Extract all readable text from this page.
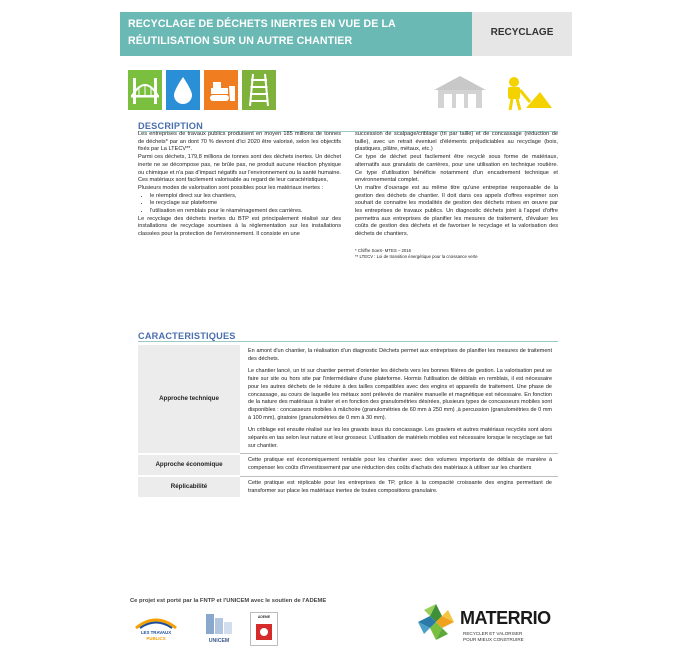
RECYCLAGE DE DÉCHETS INERTES EN VUE DE LA RÉUTILISATION SUR UN AUTRE CHANTIER
RECYCLAGE
DESCRIPTION

Les entreprises de travaux publics produisent en moyen 185 millions de tonnes de déchets* par an dont 70 % devront d'ici 2020 être valorisé, selon les objectifs fixés par La LTECV**.

Parmi ces déchets, 179,8 millions de tonnes sont des déchets inertes. Un déchet inerte ne se décompose pas, ne brûle pas, ne produit aucune réaction physique ou chimique et n'a pas d'impact négatifs sur l'environnement ou la santé humaine. Ces matériaux sont facilement valorisable au regard de leur caractéristiques,

Plusieurs modes de valorisation sont possibles pour les matériaux inertes :

• le réemploi direct sur les chantiers,
• le recyclage sur plateforme
• l'utilisation en remblais pour le réaménagement des carrières.

Le recyclage des déchets inertes du BTP est principalement réalisé sur des installations de recyclage soumises à la réglementation sur les installations classées pour la protection de l'environnement. Il consiste en une

succession de scalpage/criblage (tri par taille) et de concassage (réduction de taille), avec un retrait éventuel d'éléments préjudiciables au recyclage (bois, plastiques, plâtre, métaux, etc.)

Ce type de déchet peut facilement être recyclé sous forme de matériaux, alternatifs aux granulats de carrières, pour une utilisation en technique routière. Ce type d'utilisation bénéficie notamment d'un encadrement technique et environnemental complet.

Un maître d'ouvrage est au même titre qu'une entreprise responsable de la gestion des déchets de chantier. Il doit dans ces appels d'offres exprimer son souhait de connaitre les modalités de gestion des déchets mises en œuvre par les entreprises de travaux publics. Un diagnostic déchets joint à l'appel d'offre permettra aux entreprises de planifier les mesures de traitement, d'évaluer les coûts de gestion des déchets et de favoriser le recyclage et la valorisation des déchets de chantiers.

* Chiffre SoeS- MTES – 2016

** LTECV : Loi de transition énergétique pour la croissance verte

CARACTERISTIQUES
Approche technique	En amont d'un chantier, la réalisation d'un diagnostic Déchets permet aux entreprises de planifier les mesures de traitement des déchets.

Le chantier lancé, un tri sur chantier permet d'orienter les déchets vers les bonnes filières de gestion. La valorisation peut se faire sur site ou hors site par l'intermédiaire d'une plateforme. Hormis l'utilisation de déblais en remblais, il est nécessaire pour les autres déchets de le réduire à des tailles compatibles avec des engins et appareils de traitement. Une phase de concassage, au cours de laquelle les métaux sont prélevés de manière manuelle et magnétique est nécessaire. En fonction de la nature des matériaux à traiter et en fonction des granulométries désirées, plusieurs types de concasseurs mobiles sont disponibles : concasseurs mobiles à mâchoire (granulométries de 60 mm à 250 mm) ,à percussion (granulométries de 0 mm à 100 mm), giratoire (granulométries de 0 mm à 30 mm).

Un criblage est ensuite réalisé sur les les gravats issus du concassage. Les graviers et autres matériaux recyclés sont alors séparés en tas selon leur nature et leur grosseur. L'utilisation de matériels mobiles est nécessaire lorsque le recyclage se fait sur chantier.

Approche économique	Cette pratique est économiquement rentable pour les chantier avec des volumes importants de déblais de manière à compenser les coûts d'investissement par une réduction des coûts d'achats des matériaux à utiliser sur les chantiers

Réplicabilité	Cette pratique est réplicable pour les entreprises de TP, grâce à la compacité croissante des engins permettant de transformer sur place les matériaux inertes de toutes compositions granulaire.

Ce projet est porté par la FNTP et l'UNICEM avec le soutien de l'ADEME
LES TRAVAUX
PUBLICS	UNICEM
ADEME	MATERRIO
RECYCLER ET VALORISER
POUR MIEUX CONSTRUIRE
